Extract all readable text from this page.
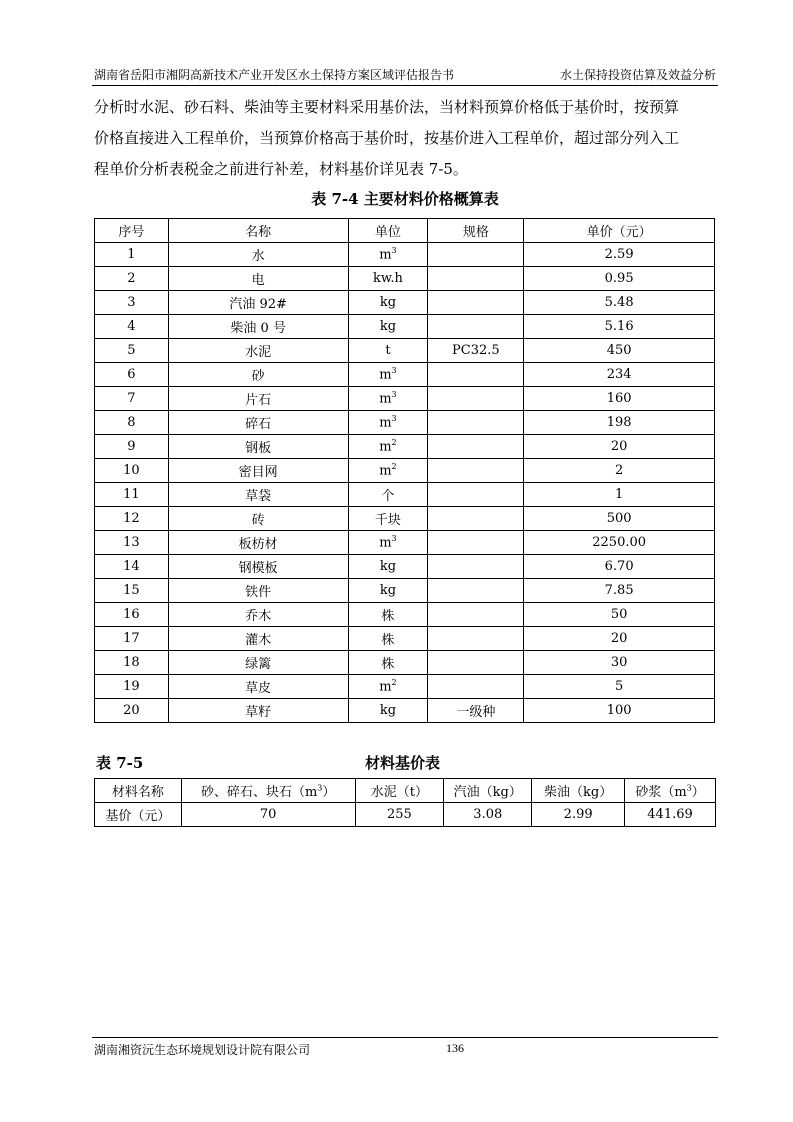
湖南省岳阳市湘阴高新技术产业开发区水土保持方案区域评估报告书	水土保持投资估算及效益分析

分析时水泥、砂石料、柴油等主要材料采用基价法，当材料预算价格低于基价时，按预算

价格直接进入工程单价，当预算价格高于基价时，按基价进入工程单价，超过部分列入工

程单价分析表税金之前进行补差，材料基价详见表 7-5。

表 7-4 主要材料价格概算表
序号	名称	单位	规格	单价（元）
1	水	$m^3$		2.59
2	电	kw.h		0.95
3	汽油 92#	kg		5.48
4	柴油 0 号	kg		5.16
5	水泥	t	PC32.5	450
6	砂	$m^3$		234
7	片石	$m^3$		160
8	碎石	$m^3$		198
9	钢板	$m^2$		20
10	密目网	$m^2$		2
11	草袋	个		1
12	砖	千块		500
13	板枋材	$m^3$		2250.00
14	钢模板	kg		6.70
15	铁件	kg		7.85
16	乔木	株		50
17	灌木	株		20
18	绿篱	株		30
19	草皮	$m^2$		5
20	草籽	kg	一级种	100
表 7-5	材料基价表
材料名称	砂、碎石、块石$(m^3)$	水泥（t）	汽油（kg）	柴油（kg）	砂浆$(m^3)$
基价（元）	70	255	3.08	2.99	441.69
湖南湘资沅生态环境规划设计院有限公司	136
